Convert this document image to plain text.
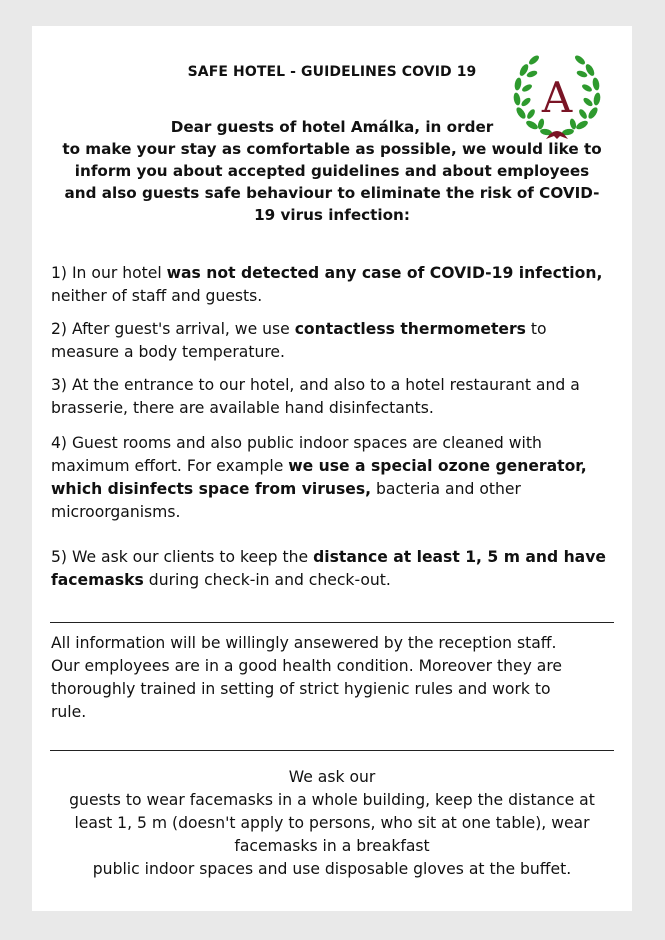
A
SAFE HOTEL - GUIDELINES COVID 19
Dear guests of hotel Amálka, in order
to make your stay as comfortable as possible, we would like to
inform you about accepted guidelines and about employees
and also guests safe behaviour to eliminate the risk of COVID-
19 virus infection:
1) In our hotel was not detected any case of COVID-19 infection,
neither of staff and guests.
2) After guest's arrival, we use contactless thermometers to
measure a body temperature.
3) At the entrance to our hotel, and also to a hotel restaurant and a
brasserie, there are available hand disinfectants.
4) Guest rooms and also public indoor spaces are cleaned with
maximum effort. For example we use a special ozone generator,
which disinfects space from viruses, bacteria and other
microorganisms.
5) We ask our clients to keep the distance at least 1, 5 m and have
facemasks during check-in and check-out.
All information will be willingly ansewered by the reception staff.
Our employees are in a good health condition. Moreover they are
thoroughly trained in setting of strict hygienic rules and work to
rule.
We ask our
guests to wear facemasks in a whole building, keep the distance at
least 1, 5 m (doesn't apply to persons, who sit at one table), wear
facemasks in a breakfast
public indoor spaces and use disposable gloves at the buffet.
